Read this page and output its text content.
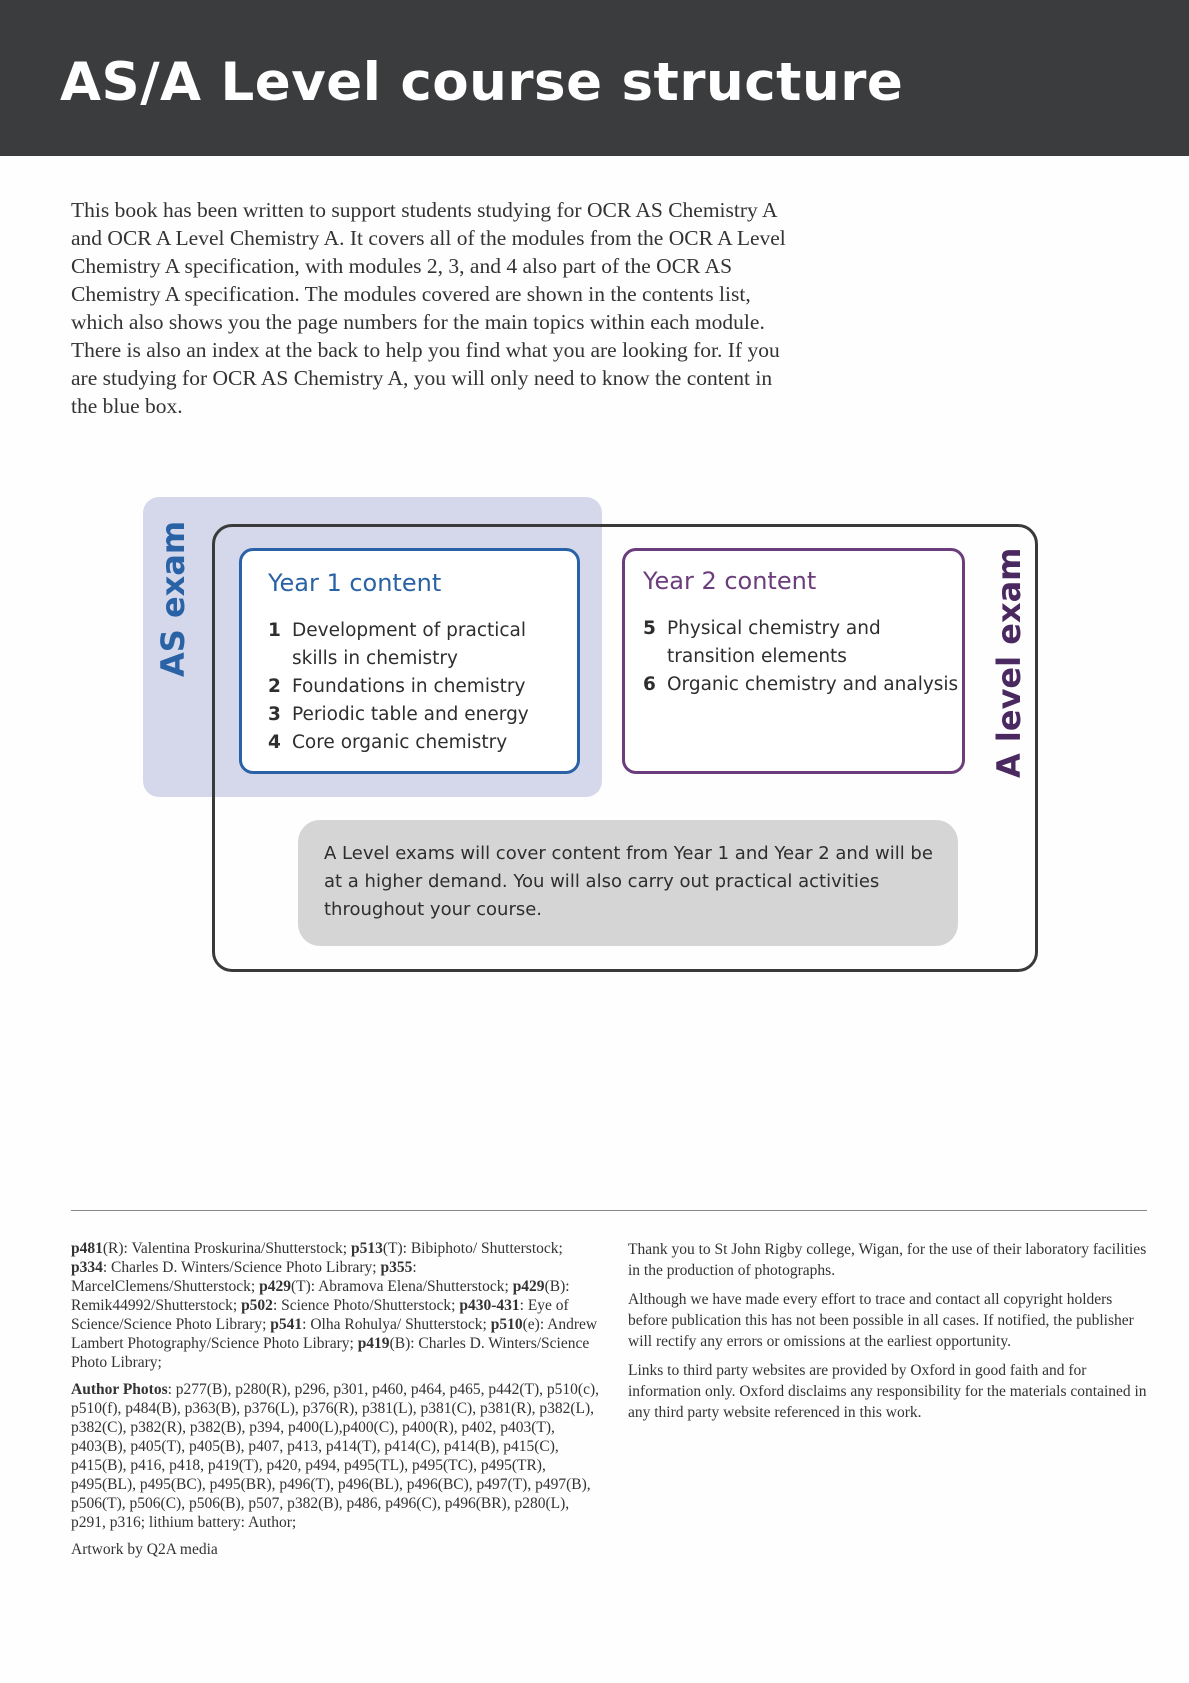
AS/A Level course structure

This book has been written to support students studying for OCR AS Chemistry A and OCR A Level Chemistry A. It covers all of the modules from the OCR A Level Chemistry A specification, with modules 2, 3, and 4 also part of the OCR AS Chemistry A specification. The modules covered are shown in the contents list, which also shows you the page numbers for the main topics within each module. There is also an index at the back to help you find what you are looking for. If you are studying for OCR AS Chemistry A, you will only need to know the content in the blue box.

AS exam	A level exam
Year 1 content
1 Development of practical skills in chemistry
2 Foundations in chemistry
3 Periodic table and energy
4 Core organic chemistry
Year 2 content
5 Physical chemistry and transition elements
6 Organic chemistry and analysis
A Level exams will cover content from Year 1 and Year 2 and will be at a higher demand. You will also carry out practical activities throughout your course.

p481(R): Valentina Proskurina/Shutterstock; p513(T): Bibiphoto/ Shutterstock; p334: Charles D. Winters/Science Photo Library; p355: MarcelClemens/Shutterstock; p429(T): Abramova Elena/Shutterstock; p429(B): Remik44992/Shutterstock; p502: Science Photo/Shutterstock; p430-431: Eye of Science/Science Photo Library; p541: Olha Rohulya/ Shutterstock; p510(e): Andrew Lambert Photography/Science Photo Library; p419(B): Charles D. Winters/Science Photo Library;

Author Photos: p277(B), p280(R), p296, p301, p460, p464, p465, p442(T), p510(c), p510(f), p484(B), p363(B), p376(L), p376(R), p381(L), p381(C), p381(R), p382(L), p382(C), p382(R), p382(B), p394, p400(L),p400(C), p400(R), p402, p403(T), p403(B), p405(T), p405(B), p407, p413, p414(T), p414(C), p414(B), p415(C), p415(B), p416, p418, p419(T), p420, p494, p495(TL), p495(TC), p495(TR), p495(BL), p495(BC), p495(BR), p496(T), p496(BL), p496(BC), p497(T), p497(B), p506(T), p506(C), p506(B), p507, p382(B), p486, p496(C), p496(BR), p280(L), p291, p316; lithium battery: Author;

Artwork by Q2A media

Thank you to St John Rigby college, Wigan, for the use of their laboratory facilities in the production of photographs.

Although we have made every effort to trace and contact all copyright holders before publication this has not been possible in all cases. If notified, the publisher will rectify any errors or omissions at the earliest opportunity.

Links to third party websites are provided by Oxford in good faith and for information only. Oxford disclaims any responsibility for the materials contained in any third party website referenced in this work.
